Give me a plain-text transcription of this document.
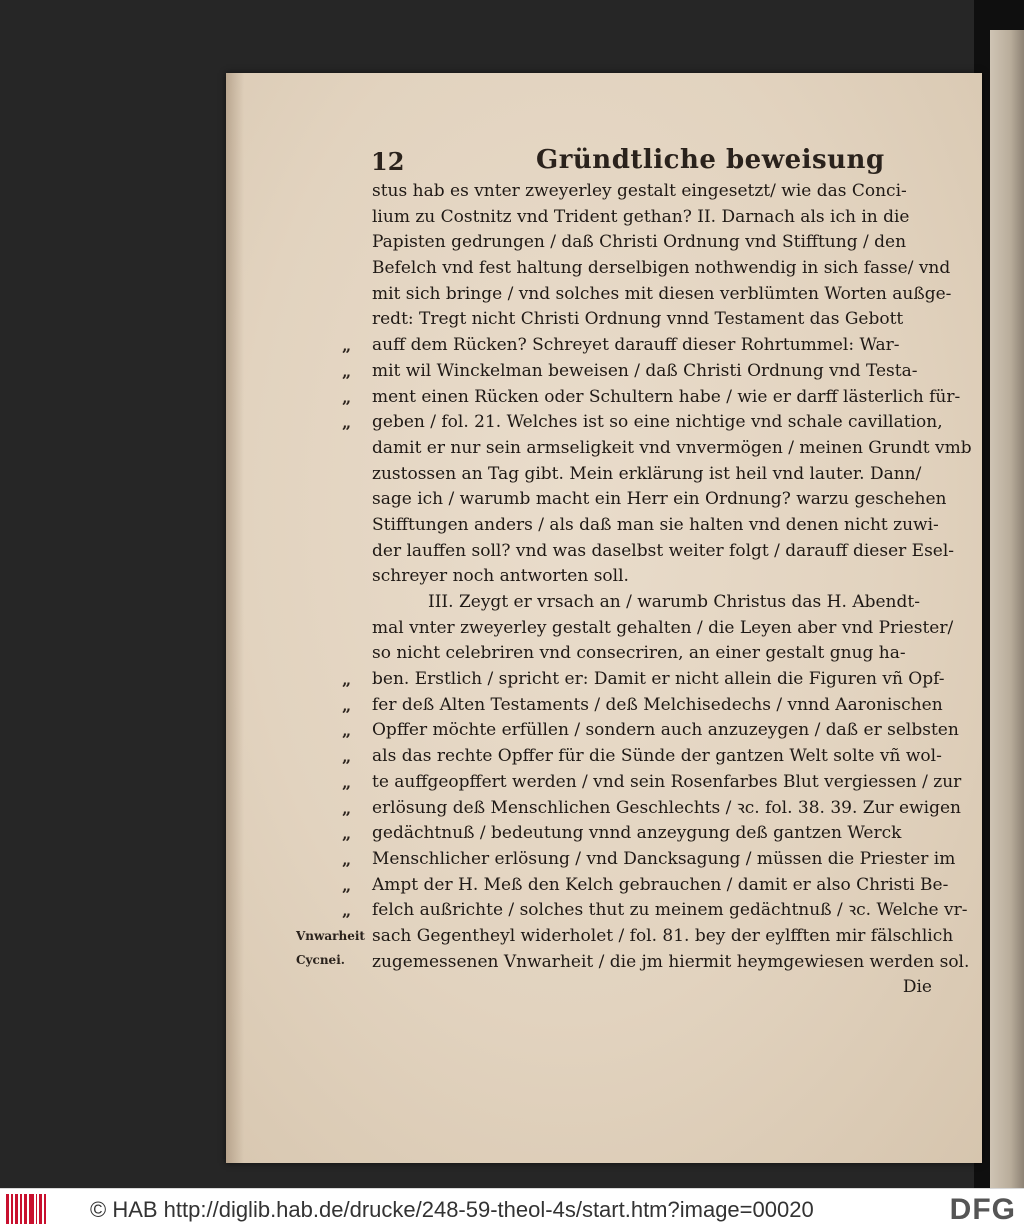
12	Gründtliche beweisung
stus hab es vnter zweyerley gestalt eingesetzt/ wie das Conci-
lium zu Costnitz vnd Trident gethan? II. Darnach als ich in die
Papisten gedrungen / daß Christi Ordnung vnd Stifftung / den
Befelch vnd fest haltung derselbigen nothwendig in sich fasse/ vnd
mit sich bringe / vnd solches mit diesen verblümten Worten außge-
redt: Tregt nicht Christi Ordnung vnnd Testament das Gebott
„ auff dem Rücken? Schreyet darauff dieser Rohrtummel: War-
„ mit wil Winckelman beweisen / daß Christi Ordnung vnd Testa-
„ ment einen Rücken oder Schultern habe / wie er darff lästerlich für-
„ geben / fol. 21. Welches ist so eine nichtige vnd schale cavillation,
damit er nur sein armseligkeit vnd vnvermögen / meinen Grundt vmb
zustossen an Tag gibt. Mein erklärung ist heil vnd lauter. Dann/
sage ich / warumb macht ein Herr ein Ordnung? warzu geschehen
Stifftungen anders / als daß man sie halten vnd denen nicht zuwi-
der lauffen soll? vnd was daselbst weiter folgt / darauff dieser Esel-
schreyer noch antworten soll.
III. Zeygt er vrsach an / warumb Christus das H. Abendt-
mal vnter zweyerley gestalt gehalten / die Leyen aber vnd Priester/
so nicht celebriren vnd consecriren, an einer gestalt gnug ha-
„ ben. Erstlich / spricht er: Damit er nicht allein die Figuren vñ Opf-
„ fer deß Alten Testaments / deß Melchisedechs / vnnd Aaronischen
„ Opffer möchte erfüllen / sondern auch anzuzeygen / daß er selbsten
„ als das rechte Opffer für die Sünde der gantzen Welt solte vñ wol-
„ te auffgeopffert werden / vnd sein Rosenfarbes Blut vergiessen / zur
„ erlösung deß Menschlichen Geschlechts / ꝛc. fol. 38. 39. Zur ewigen
„ gedächtnuß / bedeutung vnnd anzeygung deß gantzen Werck
„ Menschlicher erlösung / vnd Dancksagung / müssen die Priester im
„ Ampt der H. Meß den Kelch gebrauchen / damit er also Christi Be-
„ felch außrichte / solches thut zu meinem gedächtnuß / ꝛc. Welche vr-
sach Gegentheyl widerholet / fol. 81. bey der eylfften mir fälschlich
zugemessenen Vnwarheit / die jm hiermit heymgewiesen werden sol.
Die
Vnwarheit
Cycnei.
© HAB http://diglib.hab.de/drucke/248-59-theol-4s/start.htm?image=00020	DFG
